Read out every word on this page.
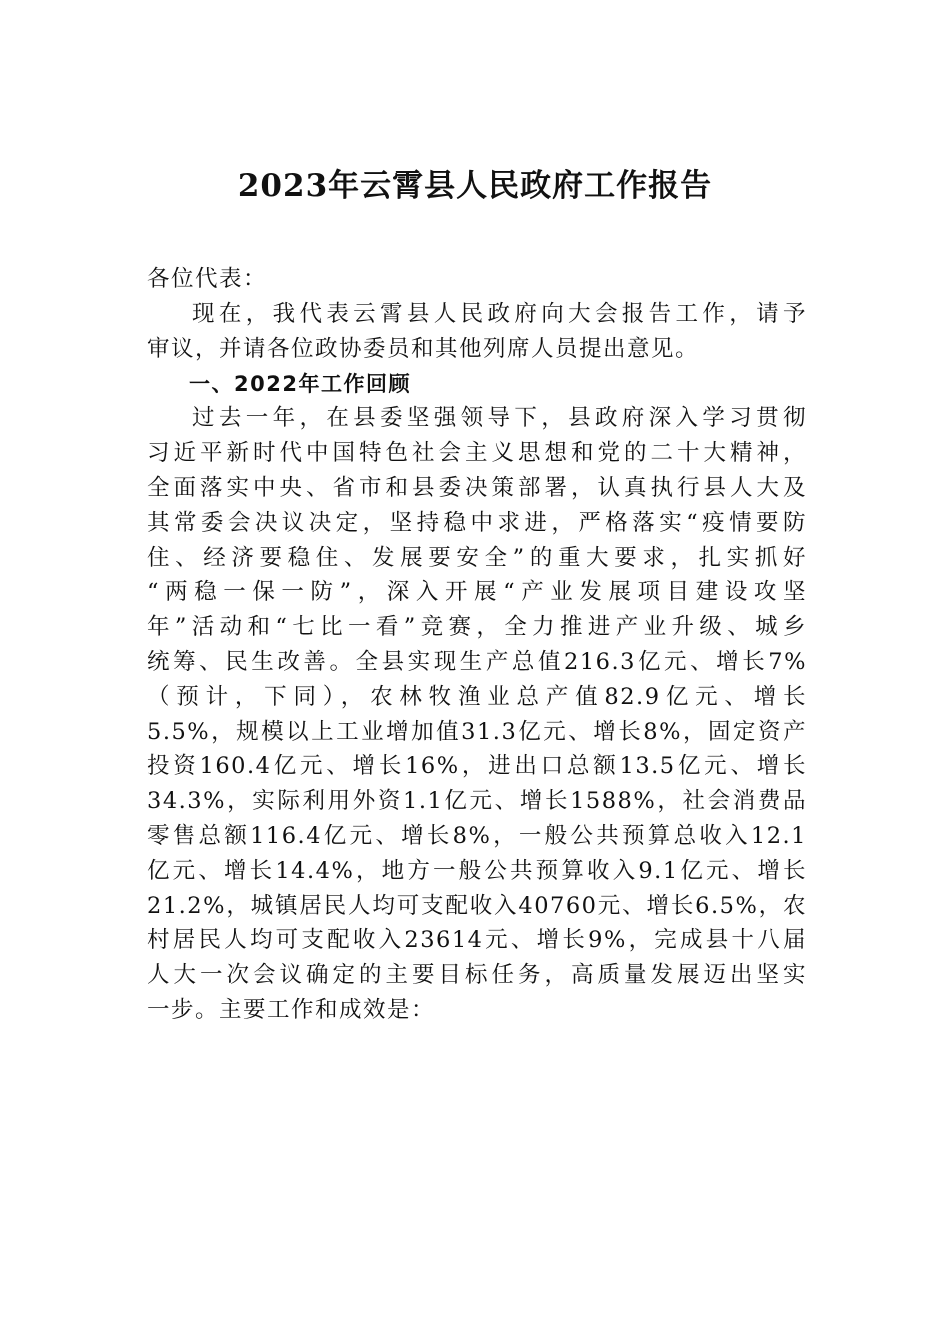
2023年云霄县人民政府工作报告
各位代表：
现在，我代表云霄县人民政府向大会报告工作，请予
审议，并请各位政协委员和其他列席人员提出意见。
一、2022年工作回顾
过去一年，在县委坚强领导下，县政府深入学习贯彻
习近平新时代中国特色社会主义思想和党的二十大精神，
全面落实中央、省市和县委决策部署，认真执行县人大及
其常委会决议决定，坚持稳中求进，严格落实“疫情要防
住、经济要稳住、发展要安全”的重大要求，扎实抓好
“两稳一保一防”，深入开展“产业发展项目建设攻坚
年”活动和“七比一看”竞赛，全力推进产业升级、城乡
统筹、民生改善。全县实现生产总值216.3亿元、增长7%
（预计，下同），农林牧渔业总产值82.9亿元、增长
5.5%，规模以上工业增加值31.3亿元、增长8%，固定资产
投资160.4亿元、增长16%，进出口总额13.5亿元、增长
34.3%，实际利用外资1.1亿元、增长1588%，社会消费品
零售总额116.4亿元、增长8%，一般公共预算总收入12.1
亿元、增长14.4%，地方一般公共预算收入9.1亿元、增长
21.2%，城镇居民人均可支配收入40760元、增长6.5%，农
村居民人均可支配收入23614元、增长9%，完成县十八届
人大一次会议确定的主要目标任务，高质量发展迈出坚实
一步。主要工作和成效是：
